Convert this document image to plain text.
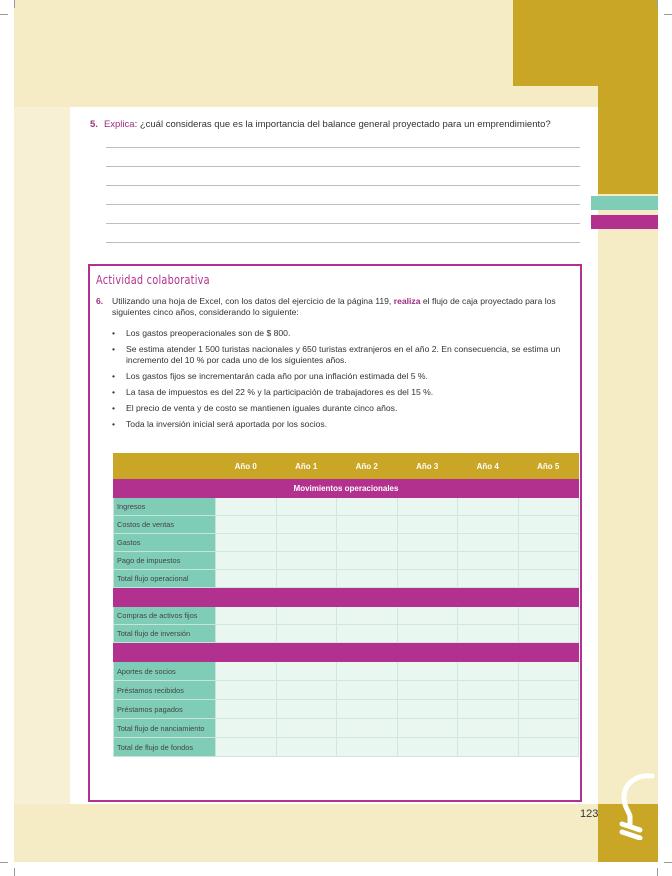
5. Explica: ¿cuál consideras que es la importancia del balance general proyectado para un emprendimiento?
Actividad colaborativa
6. Utilizando una hoja de Excel, con los datos del ejercicio de la página 119, realiza el flujo de caja proyectado para los siguientes cinco años, considerando lo siguiente:
• Los gastos preoperacionales son de $ 800.
• Se estima atender 1 500 turistas nacionales y 650 turistas extranjeros en el año 2. En consecuencia, se estima un incremento del 10 % por cada uno de los siguientes años.
• Los gastos fijos se incrementarán cada año por una inflación estimada del 5 %.
• La tasa de impuestos es del 22 % y la participación de trabajadores es del 15 %.
• El precio de venta y de costo se mantienen iguales durante cinco años.
• Toda la inversión inicial será aportada por los socios.
	Año 0	Año 1	Año 2	Año 3	Año 4	Año 5
Movimientos operacionales						
Ingresos						
Costos de ventas						
Gastos						
Pago de impuestos						
Total flujo operacional						

Compras de activos fijos						
Total flujo de inversión						

Aportes de socios						
Préstamos recibidos						
Préstamos pagados						
Total flujo de nanciamiento						
Total de flujo de fondos						
123
